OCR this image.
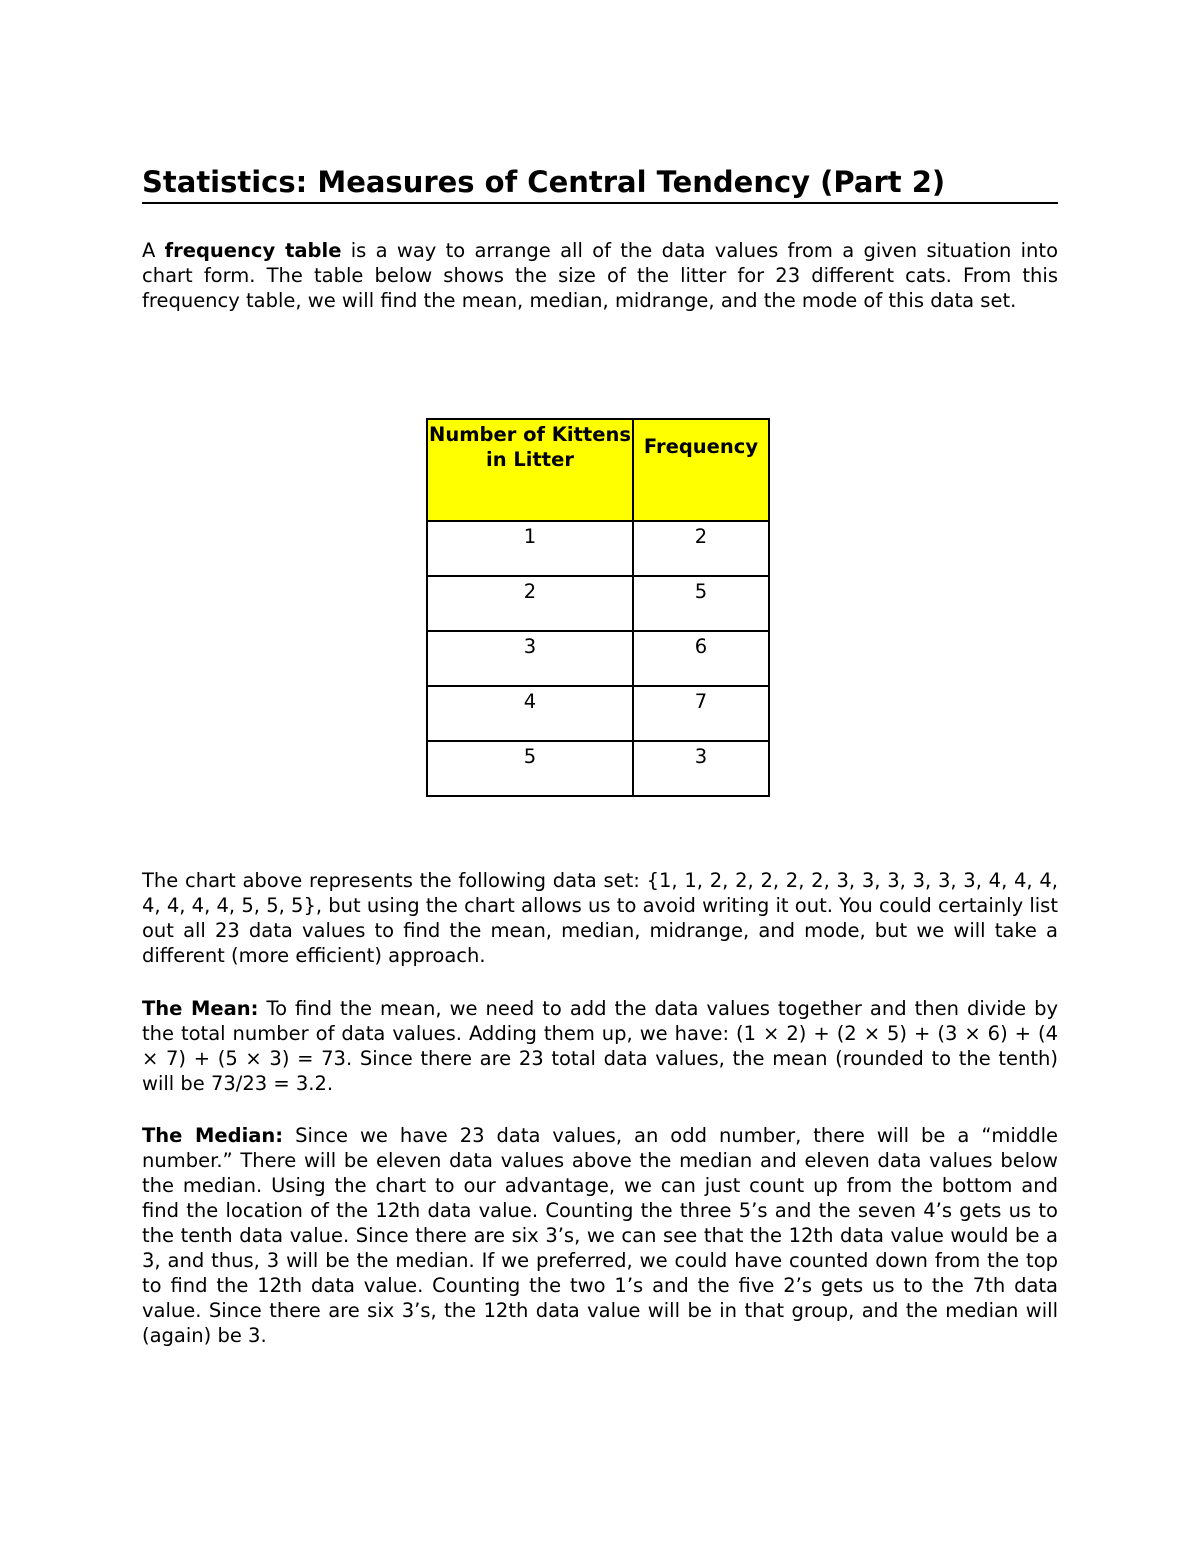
Statistics: Measures of Central Tendency (Part 2)

A frequency table is a way to arrange all of the data values from a given situation into chart form. The table below shows the size of the litter for 23 different cats. From this frequency table, we will find the mean, median, midrange, and the mode of this data set.

Number of Kittens in Litter	Frequency
1	2
2	5
3	6
4	7
5	3

The chart above represents the following data set: {1, 1, 2, 2, 2, 2, 2, 3, 3, 3, 3, 3, 3, 4, 4, 4, 4, 4, 4, 4, 5, 5, 5}, but using the chart allows us to avoid writing it out. You could certainly list out all 23 data values to find the mean, median, midrange, and mode, but we will take a different (more efficient) approach.

The Mean: To find the mean, we need to add the data values together and then divide by the total number of data values. Adding them up, we have: (1 × 2) + (2 × 5) + (3 × 6) + (4 × 7) + (5 × 3) = 73. Since there are 23 total data values, the mean (rounded to the tenth) will be 73/23 = 3.2.

The Median: Since we have 23 data values, an odd number, there will be a “middle number.” There will be eleven data values above the median and eleven data values below the median. Using the chart to our advantage, we can just count up from the bottom and find the location of the 12th data value. Counting the three 5’s and the seven 4’s gets us to the tenth data value. Since there are six 3’s, we can see that the 12th data value would be a 3, and thus, 3 will be the median. If we preferred, we could have counted down from the top to find the 12th data value. Counting the two 1’s and the five 2’s gets us to the 7th data value. Since there are six 3’s, the 12th data value will be in that group, and the median will (again) be 3.
